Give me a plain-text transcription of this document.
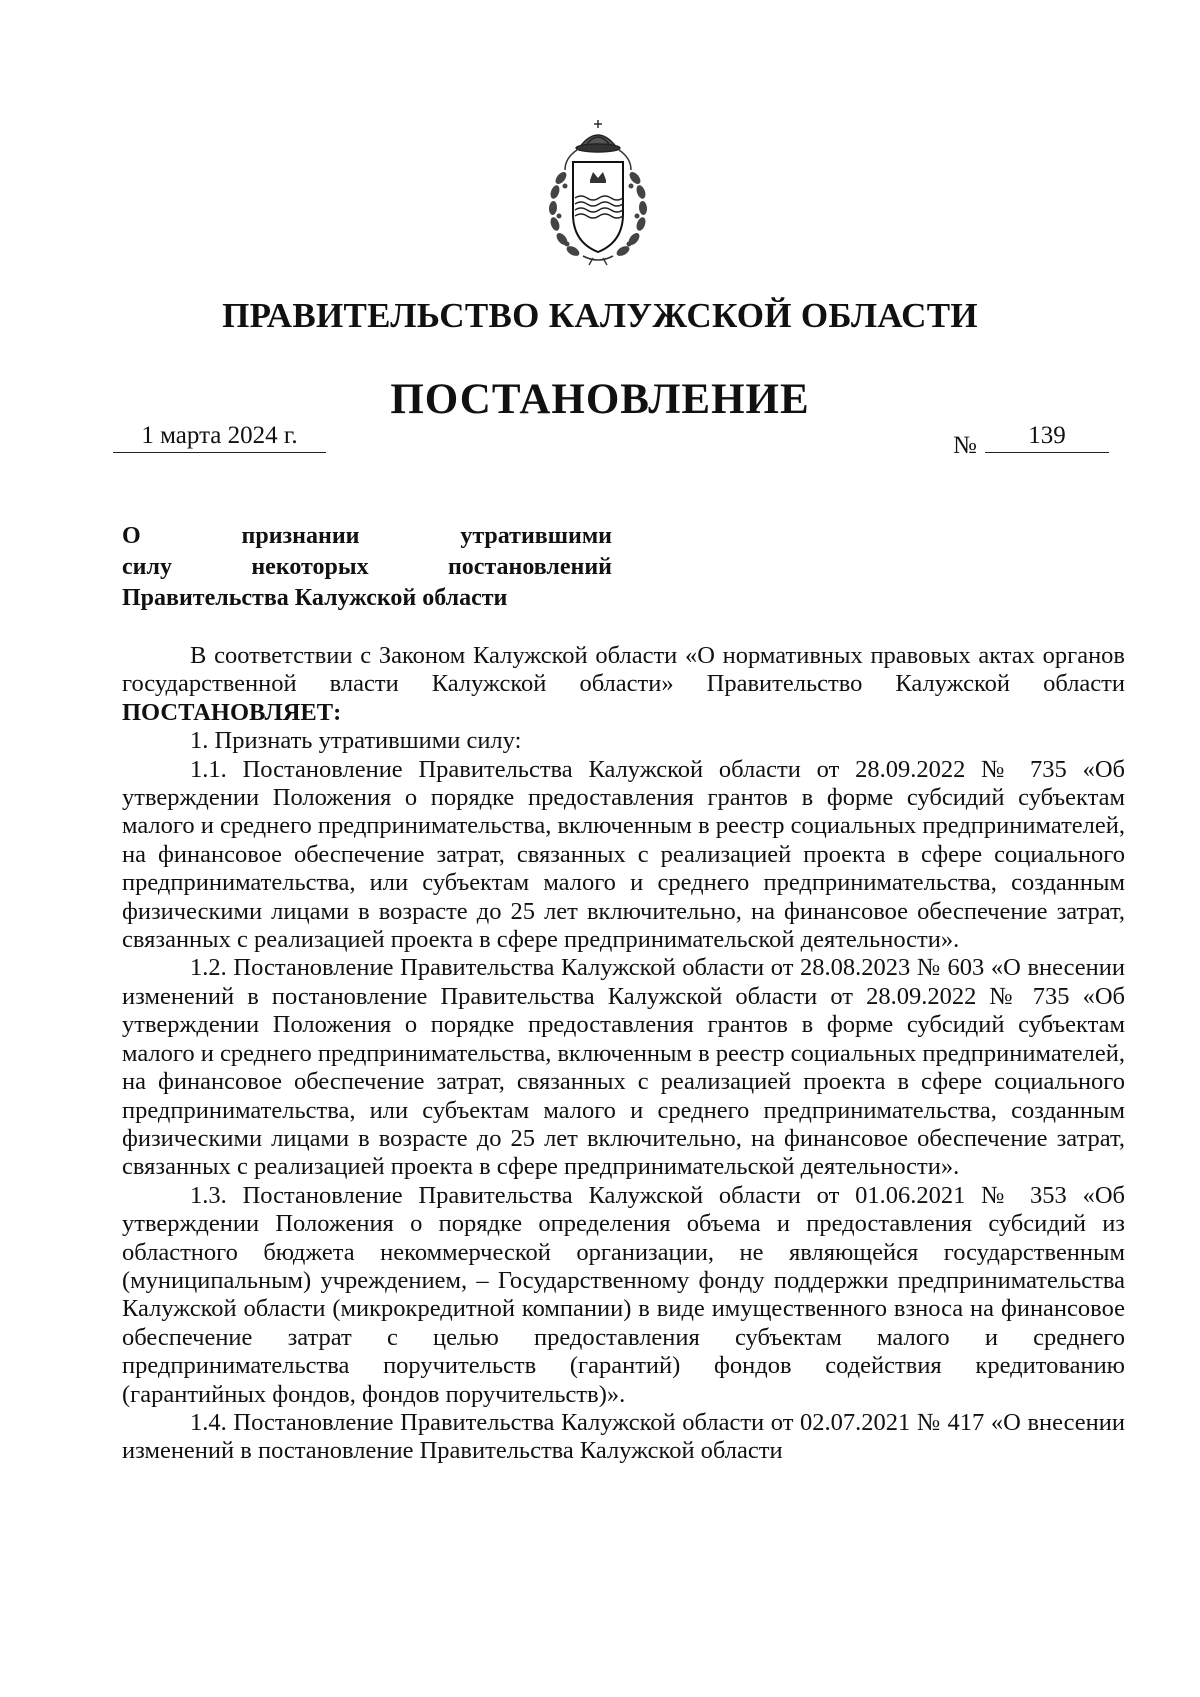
ПРАВИТЕЛЬСТВО КАЛУЖСКОЙ ОБЛАСТИ
ПОСТАНОВЛЕНИЕ
1 марта 2024 г.	№	139
О признании утратившими
силу некоторых постановлений
Правительства Калужской области

В соответствии с Законом Калужской области «О нормативных правовых актах органов государственной власти Калужской области» Правительство Калужской области ПОСТАНОВЛЯЕТ:

1. Признать утратившими силу:

1.1. Постановление Правительства Калужской области от 28.09.2022 № 735 «Об утверждении Положения о порядке предоставления грантов в форме субсидий субъектам малого и среднего предпринимательства, включенным в реестр социальных предпринимателей, на финансовое обеспечение затрат, связанных с реализацией проекта в сфере социального предпринимательства, или субъектам малого и среднего предпринимательства, созданным физическими лицами в возрасте до 25 лет включительно, на финансовое обеспечение затрат, связанных с реализацией проекта в сфере предпринимательской деятельности».

1.2. Постановление Правительства Калужской области от 28.08.2023 № 603 «О внесении изменений в постановление Правительства Калужской области от 28.09.2022 № 735 «Об утверждении Положения о порядке предоставления грантов в форме субсидий субъектам малого и среднего предпринимательства, включенным в реестр социальных предпринимателей, на финансовое обеспечение затрат, связанных с реализацией проекта в сфере социального предпринимательства, или субъектам малого и среднего предпринимательства, созданным физическими лицами в возрасте до 25 лет включительно, на финансовое обеспечение затрат, связанных с реализацией проекта в сфере предпринимательской деятельности».

1.3. Постановление Правительства Калужской области от 01.06.2021 № 353 «Об утверждении Положения о порядке определения объема и предоставления субсидий из областного бюджета некоммерческой организации, не являющейся государственным (муниципальным) учреждением, – Государственному фонду поддержки предпринимательства Калужской области (микрокредитной компании) в виде имущественного взноса на финансовое обеспечение затрат с целью предоставления субъектам малого и среднего предпринимательства поручительств (гарантий) фондов содействия кредитованию (гарантийных фондов, фондов поручительств)».

1.4. Постановление Правительства Калужской области от 02.07.2021 № 417 «О внесении изменений в постановление Правительства Калужской области
